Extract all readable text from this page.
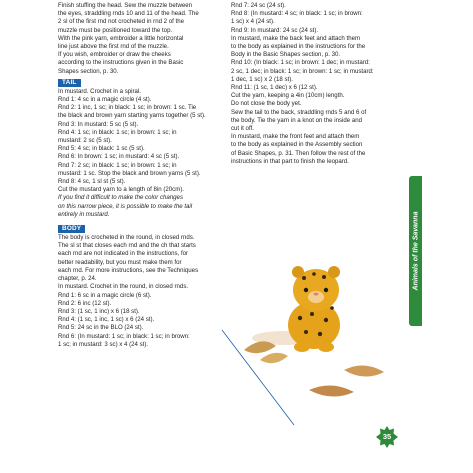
Finish stuffing the head. Sew the muzzle between
the eyes, straddling rnds 10 and 11 of the head. The
2 sl of the first rnd not crocheted in rnd 2 of the
muzzle must be positioned toward the top.
With the pink yarn, embroider a little horizontal
line just above the first rnd of the muzzle.
If you wish, embroider or draw the cheeks
according to the instructions given in the Basic
Shapes section, p. 30.
TAIL
In mustard. Crochet in a spiral.
Rnd 1: 4 sc in a magic circle (4 st).
Rnd 2: 1 inc, 1 sc; in black: 1 sc; in brown: 1 sc. Tie
the black and brown yarn starting yarns together (5 st).
Rnd 3: In mustard: 5 sc (5 st).
Rnd 4: 1 sc; in black: 1 sc; in brown: 1 sc; in
mustard: 2 sc (5 st).
Rnd 5: 4 sc; in black: 1 sc (5 st).
Rnd 6: In brown: 1 sc; in mustard: 4 sc (5 st).
Rnd 7: 2 sc; in black: 1 sc; in brown: 1 sc; in
mustard: 1 sc. Stop the black and brown yarns (5 st).
Rnd 8: 4 sc, 1 sl st (5 st).
Cut the mustard yarn to a length of 8in (20cm).
If you find it difficult to make the color changes
on this narrow piece, it is possible to make the tail
entirely in mustard.
BODY
The body is crocheted in the round, in closed rnds.
The sl st that closes each rnd and the ch that starts
each rnd are not indicated in the instructions, for
better readability, but you must make them for
each rnd. For more instructions, see the Techniques
chapter, p. 24.
In mustard. Crochet in the round, in closed rnds.
Rnd 1: 6 sc in a magic circle (6 st).
Rnd 2: 6 inc (12 st).
Rnd 3: (1 sc, 1 inc) x 6 (18 st).
Rnd 4: (1 sc, 1 inc, 1 sc) x 6 (24 st).
Rnd 5: 24 sc in the BLO (24 st).
Rnd 6: (In mustard: 1 sc; in black: 1 sc; in brown:
1 sc; in mustard: 3 sc) x 4 (24 st).
Rnd 7: 24 sc (24 st).
Rnd 8: (In mustard: 4 sc; in black: 1 sc; in brown:
1 sc) x 4 (24 st).
Rnd 9: In mustard: 24 sc (24 st).
In mustard, make the back feet and attach them
to the body as explained in the instructions for the
Body in the Basic Shapes section, p. 30.
Rnd 10: (In black: 1 sc; in brown: 1 dec; in mustard:
2 sc, 1 dec; in black: 1 sc; in brown: 1 sc; in mustard:
1 dec, 1 sc) x 2 (18 st).
Rnd 11: (1 sc, 1 dec) x 6 (12 st).
Cut the yarn, keeping a 4in (10cm) length.
Do not close the body yet.
Sew the tail to the back, straddling rnds 5 and 6 of
the body. Tie the yarn in a knot on the inside and
cut it off.
In mustard, make the front feet and attach them
to the body as explained in the Assembly section
of Basic Shapes, p. 31. Then follow the rest of the
instructions in that part to finish the leopard.
Animals of the Savanna
35
